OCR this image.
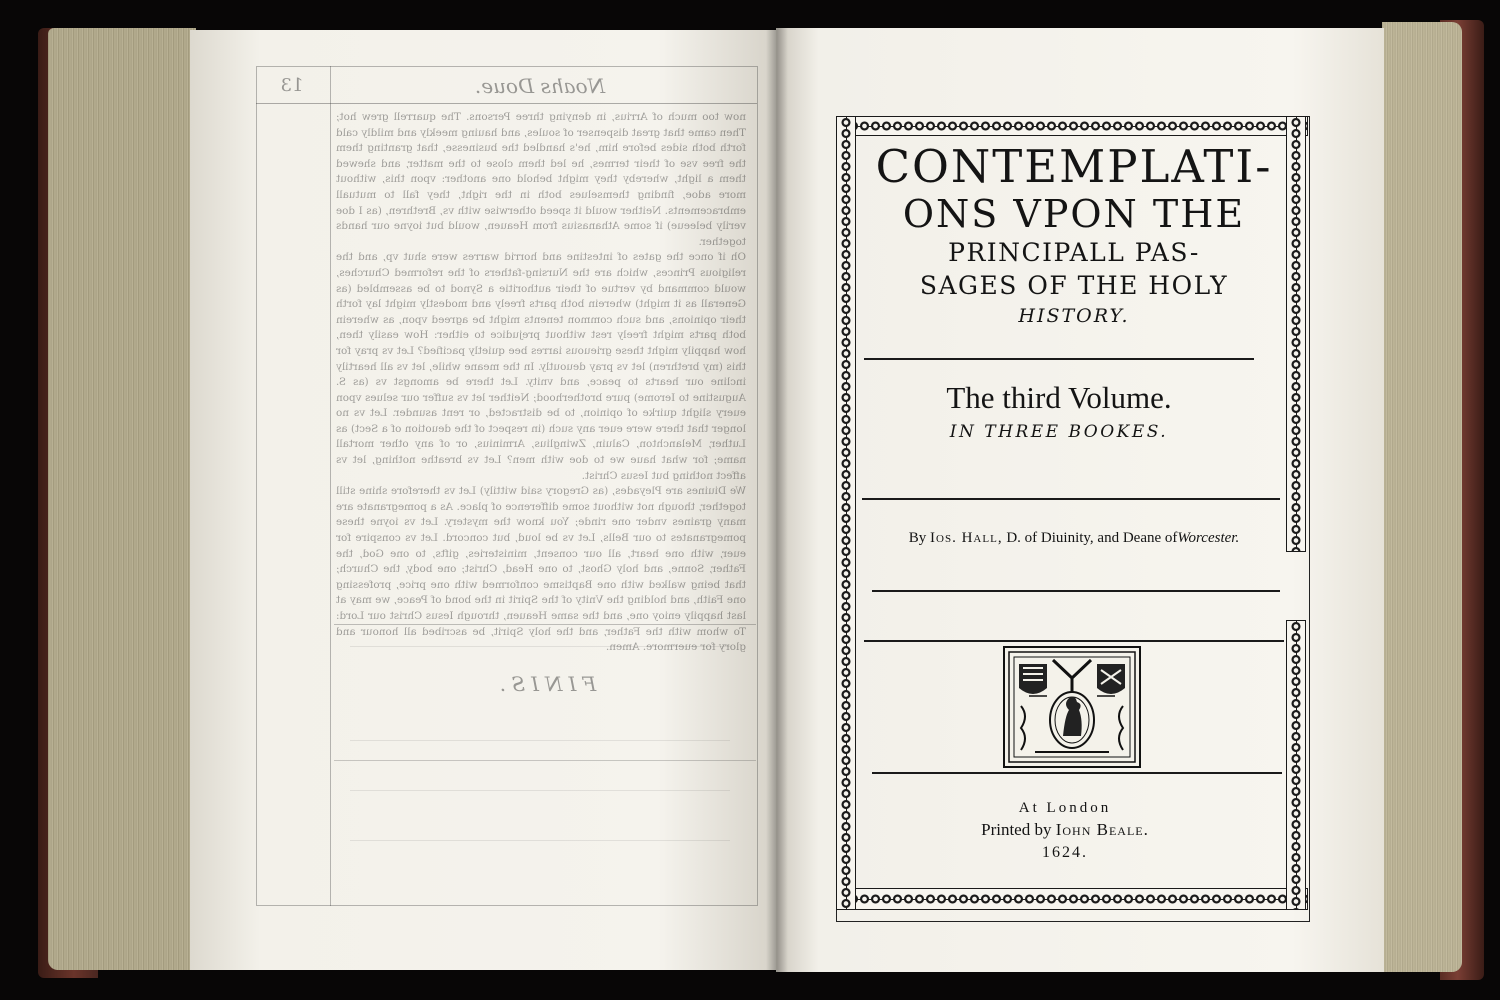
13	Noahs Doue.

now too much of Arrius, in denying three Persons. The quarrell grew hot; Then came that great dispenser of soules, and hauing meekly and mildly cald forth both sides before him, he's handled the businesse, that granting them the free vse of their termes, he led them close to the matter, and shewed them a light, whereby they might behold one another: vpon this, without more adoe, finding themselues both in the right, they fall to mutuall embracements. Neither would it speed otherwise with vs, Brethren, (as I doe verily beleeue) if some Athanasius from Heauen, would but ioyne our hands together.

Oh if once the gates of intestine and horrid warres were shut vp, and the religious Princes, which are the Nursing-fathers of the reformed Churches, would command by vertue of their authoritie a Synod to be assembled (as Generall as it might) wherein both parts freely and modestly might lay forth their opinions, and such common tenents might be agreed vpon, as wherein both parts might freely rest without prejudice to either: How easily then, how happily might these grieuous iarres bee quietly pacified? Let vs pray for this (my brethren) let vs pray deuoutly. In the meane while, let vs all heartily incline our hearts to peace, and vnity. Let there be amongst vs (as S. Augustine to Ierome) pure brotherhood; Neither let vs suffer our selues vpon euery slight quirke of opinion, to be distracted, or rent asunder. Let vs no longer that there were euer any such (in respect of the deuotion of a Sect) as Luther, Melanchton, Caluin, Zwinglius, Arminius, or of any other mortall name; for what haue we to doe with men? Let vs breathe nothing, let vs affect nothing but Iesus Christ.

We Diuines are Pleyades, (as Gregory said wittily) Let vs therefore shine still together, though not without some difference of place. As a pomegranate are many graines vnder one rinde; You know the mystery. Let vs ioyne these pomegranates to our Bells, Let vs be loud, but concord. Let vs conspire for euer, with one heart, all our consent, ministeries, gifts, to one God, the Father, Sonne, and holy Ghost, to one Head, Christ; one body, the Church; that being walked with one Baptisme conformed with one price, professing one Faith, and holding the Vnity of the Spirit in the bond of Peace, we may at last happily enioy one, and the same Heauen, through Iesus Christ our Lord: To whom with the Father, and the holy Spirit, be ascribed all honour and glory for euermore. Amen.

FINIS.
CONTEMPLATI-
ONS VPON THE
PRINCIPALL PAS-
SAGES OF THE HOLY
HISTORY.
The third Volume.
IN THREE BOOKES.
By Ios. Hall, D. of Diuinity, and Deane ofWorcester.
At London
Printed by Iohn Beale.
1624.
